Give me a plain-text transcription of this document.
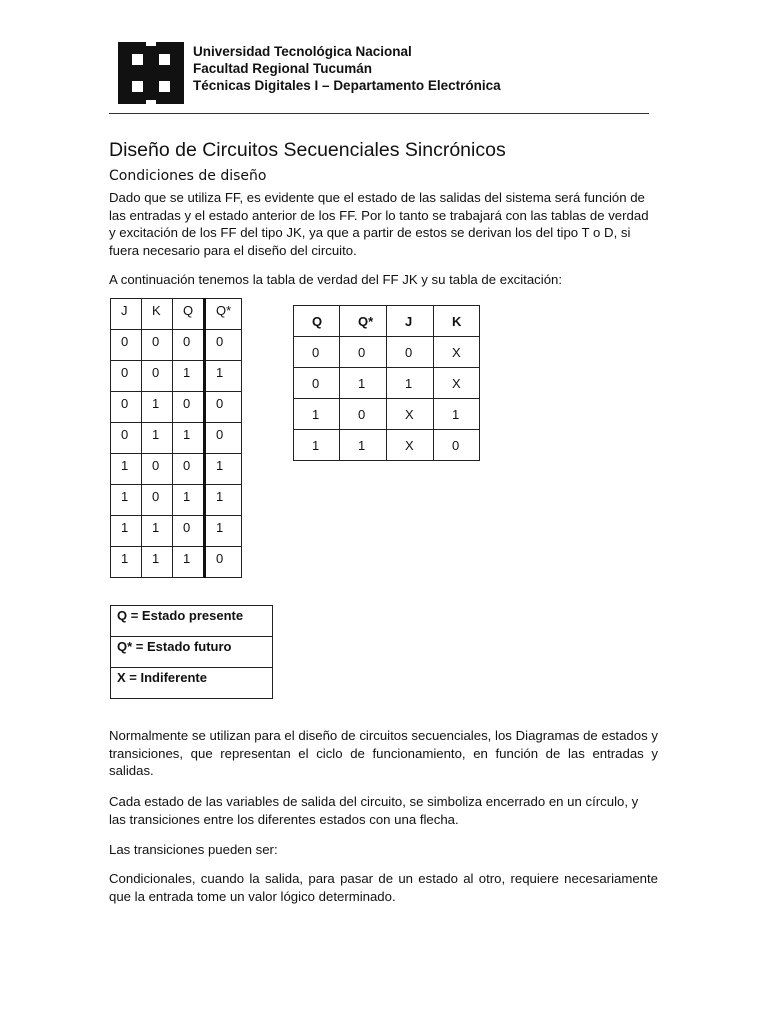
Universidad Tecnológica Nacional
Facultad Regional Tucumán
Técnicas Digitales I – Departamento Electrónica
Diseño de Circuitos Secuenciales Sincrónicos
Condiciones de diseño

Dado que se utiliza FF, es evidente que el estado de las salidas del sistema será función de las entradas y el estado anterior de los FF. Por lo tanto se trabajará con las tablas de verdad y excitación de los FF del tipo JK, ya que a partir de estos se derivan los del tipo T o D, si fuera necesario para el diseño del circuito.

A continuación tenemos la tabla de verdad del FF JK y su tabla de excitación:

J	K	Q	Q*

0	0	0	0

0	0	1	1

0	1	0	0

0	1	1	0

1	0	0	1

1	0	1	1

1	1	0	1

1	1	1	0
Q	Q*	J	K

0	0	0	X

0	1	1	X

1	0	X	1

1	1	X	0
Q = Estado presente

Q* = Estado futuro

X = Indiferente

Normalmente se utilizan para el diseño de circuitos secuenciales, los Diagramas de estados y transiciones, que representan el ciclo de funcionamiento, en función de las entradas y salidas.

Cada estado de las variables de salida del circuito, se simboliza encerrado en un círculo, y las transiciones entre los diferentes estados con una flecha.

Las transiciones pueden ser:

Condicionales, cuando la salida, para pasar de un estado al otro, requiere necesariamente que la entrada tome un valor lógico determinado.
